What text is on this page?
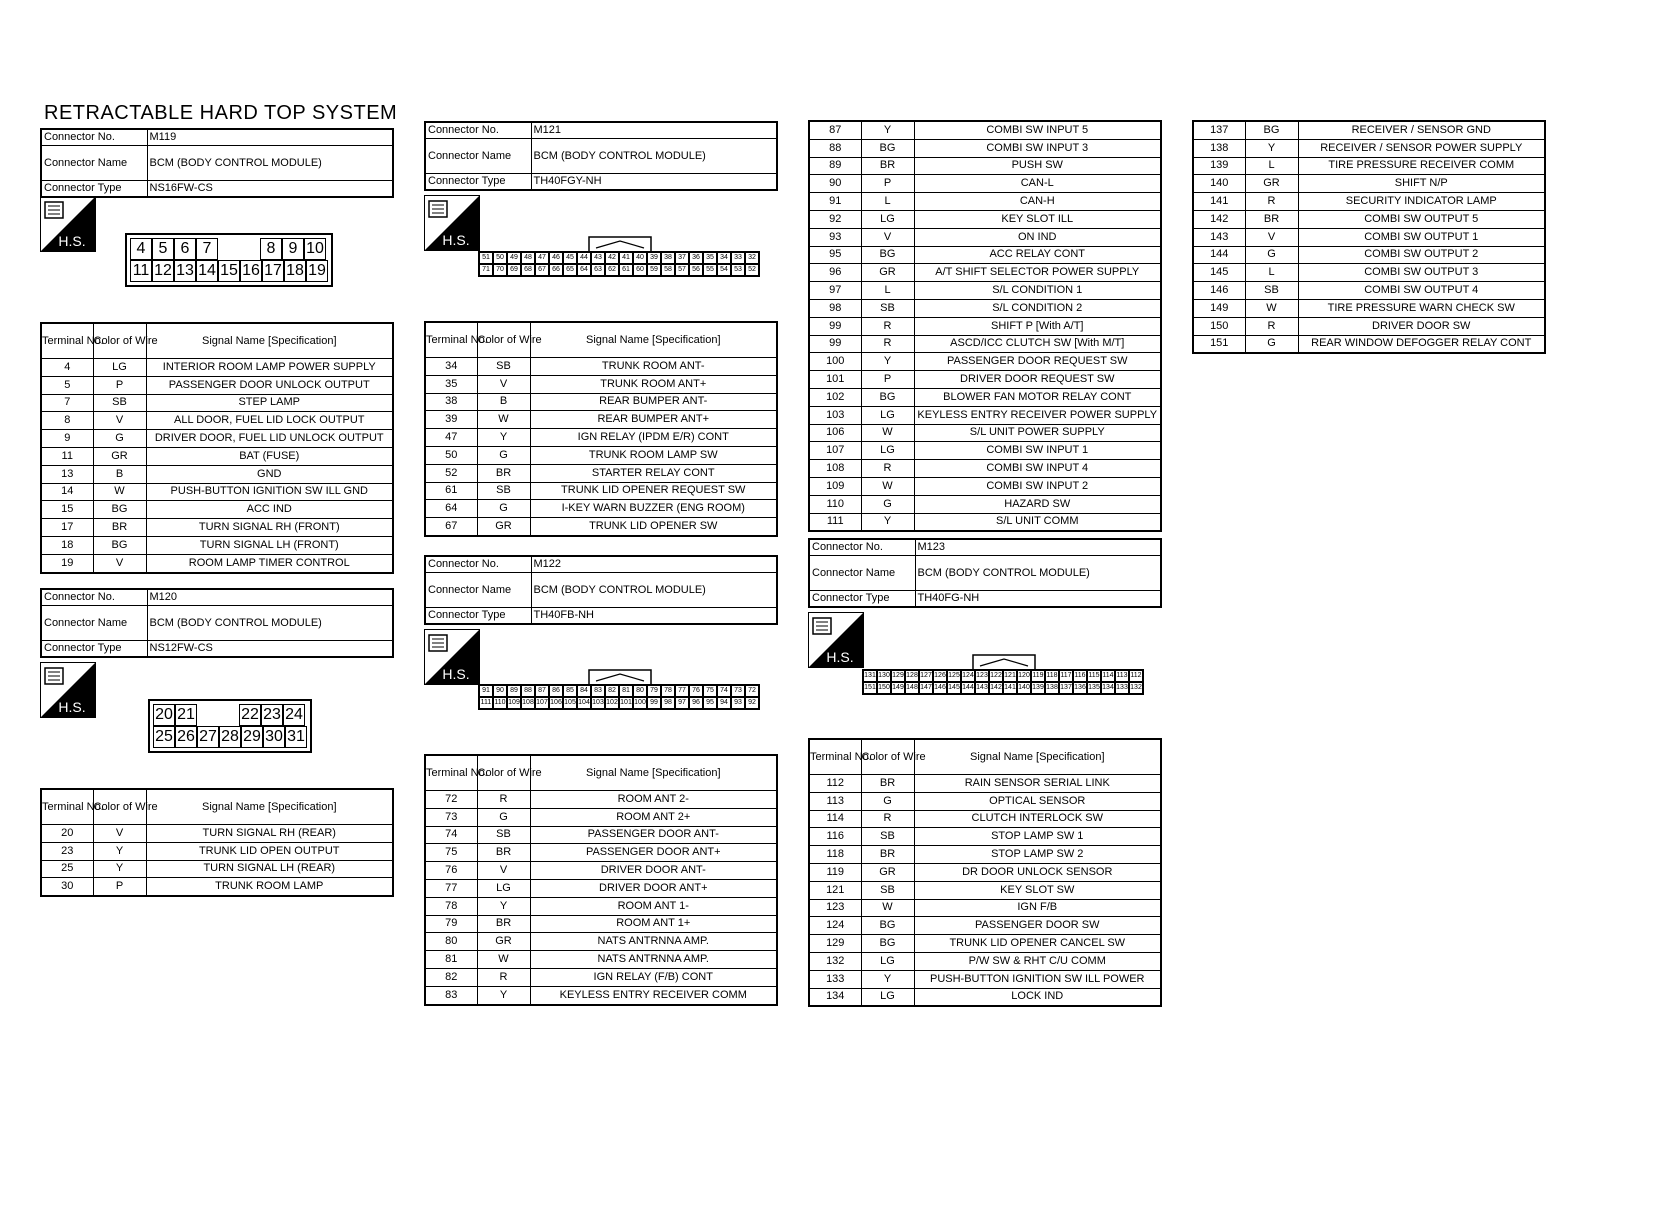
RETRACTABLE HARD TOP SYSTEM
Connector No.	M119
Connector Name	BCM (BODY CONTROL MODULE)
Connector Type	NS16FW-CS
H.S.	4 5 6 7	8 9 10
11 12 13 14 15 16 17 18 19
Terminal No.	Color of Wire	Signal Name [Specification]
4	LG	INTERIOR ROOM LAMP POWER SUPPLY
5	P	PASSENGER DOOR UNLOCK OUTPUT
7	SB	STEP LAMP
8	V	ALL DOOR, FUEL LID LOCK OUTPUT
9	G	DRIVER DOOR, FUEL LID UNLOCK OUTPUT
11	GR	BAT (FUSE)
13	B	GND
14	W	PUSH-BUTTON IGNITION SW ILL GND
15	BG	ACC IND
17	BR	TURN SIGNAL RH (FRONT)
18	BG	TURN SIGNAL LH (FRONT)
19	V	ROOM LAMP TIMER CONTROL
Connector No.	M120
Connector Name	BCM (BODY CONTROL MODULE)
Connector Type	NS12FW-CS
H.S.	20 21	22 23 24
25 26 27 28 29 30 31
Terminal No.	Color of Wire	Signal Name [Specification]
20	V	TURN SIGNAL RH (REAR)
23	Y	TRUNK LID OPEN OUTPUT
25	Y	TURN SIGNAL LH (REAR)
30	P	TRUNK ROOM LAMP
Connector No.	M121
Connector Name	BCM (BODY CONTROL MODULE)
Connector Type	TH40FGY-NH
H.S.
51 50 49 48 47 46 45 44 43 42 41 40 39 38 37 36 35 34 33 32
71 70 69 68 67 66 65 64 63 62 61 60 59 58 57 56 55 54 53 52
Terminal No.	Color of Wire	Signal Name [Specification]
34	SB	TRUNK ROOM ANT-
35	V	TRUNK ROOM ANT+
38	B	REAR BUMPER ANT-
39	W	REAR BUMPER ANT+
47	Y	IGN RELAY (IPDM E/R) CONT
50	G	TRUNK ROOM LAMP SW
52	BR	STARTER RELAY CONT
61	SB	TRUNK LID OPENER REQUEST SW
64	G	I-KEY WARN BUZZER (ENG ROOM)
67	GR	TRUNK LID OPENER SW
Connector No.	M122
Connector Name	BCM (BODY CONTROL MODULE)
Connector Type	TH40FB-NH
H.S.
91 90 89 88 87 86 85 84 83 82 81 80 79 78 77 76 75 74 73 72
111 110 109 108 107 106 105 104 103 102 101 100 99 98 97 96 95 94 93 92
Terminal No.	Color of Wire	Signal Name [Specification]
72	R	ROOM ANT 2-
73	G	ROOM ANT 2+
74	SB	PASSENGER DOOR ANT-
75	BR	PASSENGER DOOR ANT+
76	V	DRIVER DOOR ANT-
77	LG	DRIVER DOOR ANT+
78	Y	ROOM ANT 1-
79	BR	ROOM ANT 1+
80	GR	NATS ANTRNNA AMP.
81	W	NATS ANTRNNA AMP.
82	R	IGN RELAY (F/B) CONT
83	Y	KEYLESS ENTRY RECEIVER COMM
87	Y	COMBI SW INPUT 5
88	BG	COMBI SW INPUT 3
89	BR	PUSH SW
90	P	CAN-L
91	L	CAN-H
92	LG	KEY SLOT ILL
93	V	ON IND
95	BG	ACC RELAY CONT
96	GR	A/T SHIFT SELECTOR POWER SUPPLY
97	L	S/L CONDITION 1
98	SB	S/L CONDITION 2
99	R	SHIFT P [With A/T]
99	R	ASCD/ICC CLUTCH SW [With M/T]
100	Y	PASSENGER DOOR REQUEST SW
101	P	DRIVER DOOR REQUEST SW
102	BG	BLOWER FAN MOTOR RELAY CONT
103	LG	KEYLESS ENTRY RECEIVER POWER SUPPLY
106	W	S/L UNIT POWER SUPPLY
107	LG	COMBI SW INPUT 1
108	R	COMBI SW INPUT 4
109	W	COMBI SW INPUT 2
110	G	HAZARD SW
111	Y	S/L UNIT COMM
Connector No.	M123
Connector Name	BCM (BODY CONTROL MODULE)
Connector Type	TH40FG-NH
H.S.
131 130 129 128 127 126 125 124 123 122 121 120 119 118 117 116 115 114 113 112
151 150 149 148 147 146 145 144 143 142 141 140 139 138 137 136 135 134 133 132
Terminal No.	Color of Wire	Signal Name [Specification]
112	BR	RAIN SENSOR SERIAL LINK
113	G	OPTICAL SENSOR
114	R	CLUTCH INTERLOCK SW
116	SB	STOP LAMP SW 1
118	BR	STOP LAMP SW 2
119	GR	DR DOOR UNLOCK SENSOR
121	SB	KEY SLOT SW
123	W	IGN F/B
124	BG	PASSENGER DOOR SW
129	BG	TRUNK LID OPENER CANCEL SW
132	LG	P/W SW & RHT C/U COMM
133	Y	PUSH-BUTTON IGNITION SW ILL POWER
134	LG	LOCK IND
137	BG	RECEIVER / SENSOR GND
138	Y	RECEIVER / SENSOR POWER SUPPLY
139	L	TIRE PRESSURE RECEIVER COMM
140	GR	SHIFT N/P
141	R	SECURITY INDICATOR LAMP
142	BR	COMBI SW OUTPUT 5
143	V	COMBI SW OUTPUT 1
144	G	COMBI SW OUTPUT 2
145	L	COMBI SW OUTPUT 3
146	SB	COMBI SW OUTPUT 4
149	W	TIRE PRESSURE WARN CHECK SW
150	R	DRIVER DOOR SW
151	G	REAR WINDOW DEFOGGER RELAY CONT
